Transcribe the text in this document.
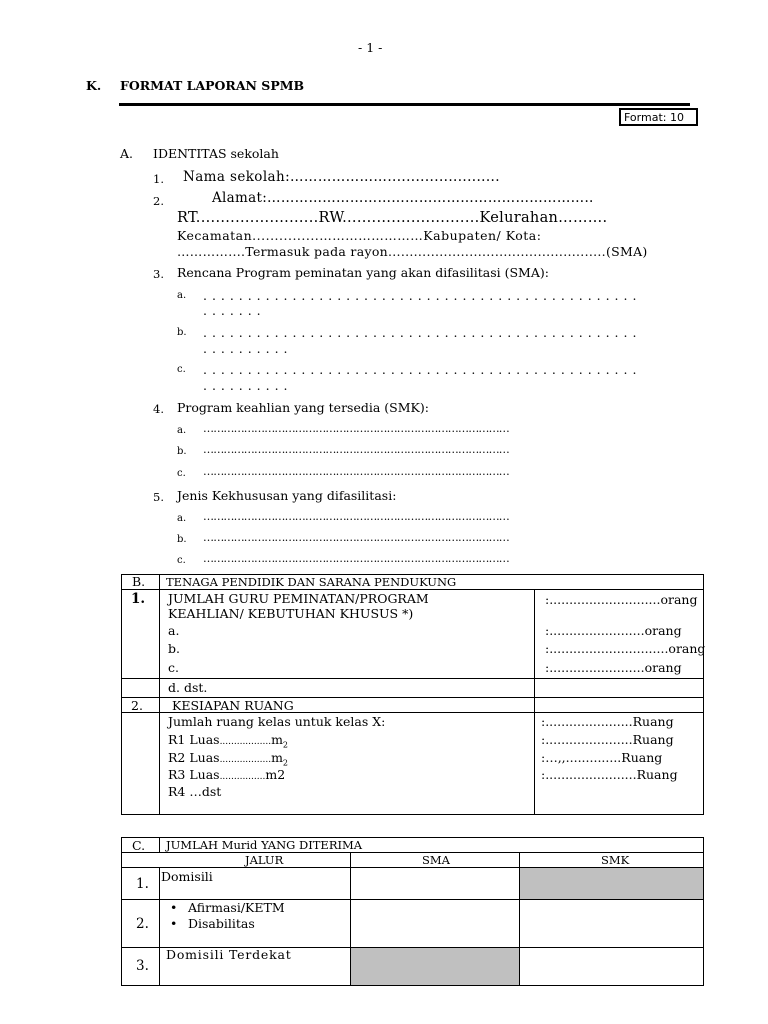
- 1 -
K. FORMAT LAPORAN SPMB
Format: 10
A. IDENTITAS sekolah
1. Nama sekolah:…………………........................
2.	Alamat:……………………………………………………………..
RT.........................RW............................Kelurahan……….
Kecamatan...............……………………Kabupaten/ Kota:
…………....Termasuk pada rayon...................................................(SMA)
3. Rencana Program peminatan yang akan difasilitasi (SMA):
a. . . . . . . . . . . . . . . . . . . . . . . . . . . . . . . . . . . . . . . . . . . . . . . . . .
. . . . . . .
b. . . . . . . . . . . . . . . . . . . . . . . . . . . . . . . . . . . . . . . . . . . . . . . . . .
. . . . . . . . . .
c. . . . . . . . . . . . . . . . . . . . . . . . . . . . . . . . . . . . . . . . . . . . . . . . . .
. . . . . . . . . .
4. Program keahlian yang tersedia (SMK):
a. ………………………………………………………………………………
b. ………………………………………………………………………………
c. ………………………………………………………………………………
5. Jenis Kekhususan yang difasilitasi:
a. ………………………………………………………………………………
b. ………………………………………………………………………………
c. ………………………………………………………………………………
B. TENAGA PENDIDIK DAN SARANA PENDUKUNG
1. JUMLAH GURU PEMINATAN/PROGRAM
KEAHLIAN/ KEBUTUHAN KHUSUS *)
:............................orang
a.	:........................orang
b.	:..............................orang
c.	:........................orang
d. dst.
2. KESIAPAN RUANG
Jumlah ruang kelas untuk kelas X:	:......................Ruang
R1 $Luas..................m_2$	:......................Ruang
R2 $Luas..................m_2$	:…,,..............Ruang
R3 Luas................m2	:.......................Ruang
R4 …dst
C. JUMLAH Murid YANG DITERIMA
JALUR	SMA	SMK
1. Domisili
2.
• Afirmasi/KETM
• Disabilitas
3.
Domisili Terdekat
